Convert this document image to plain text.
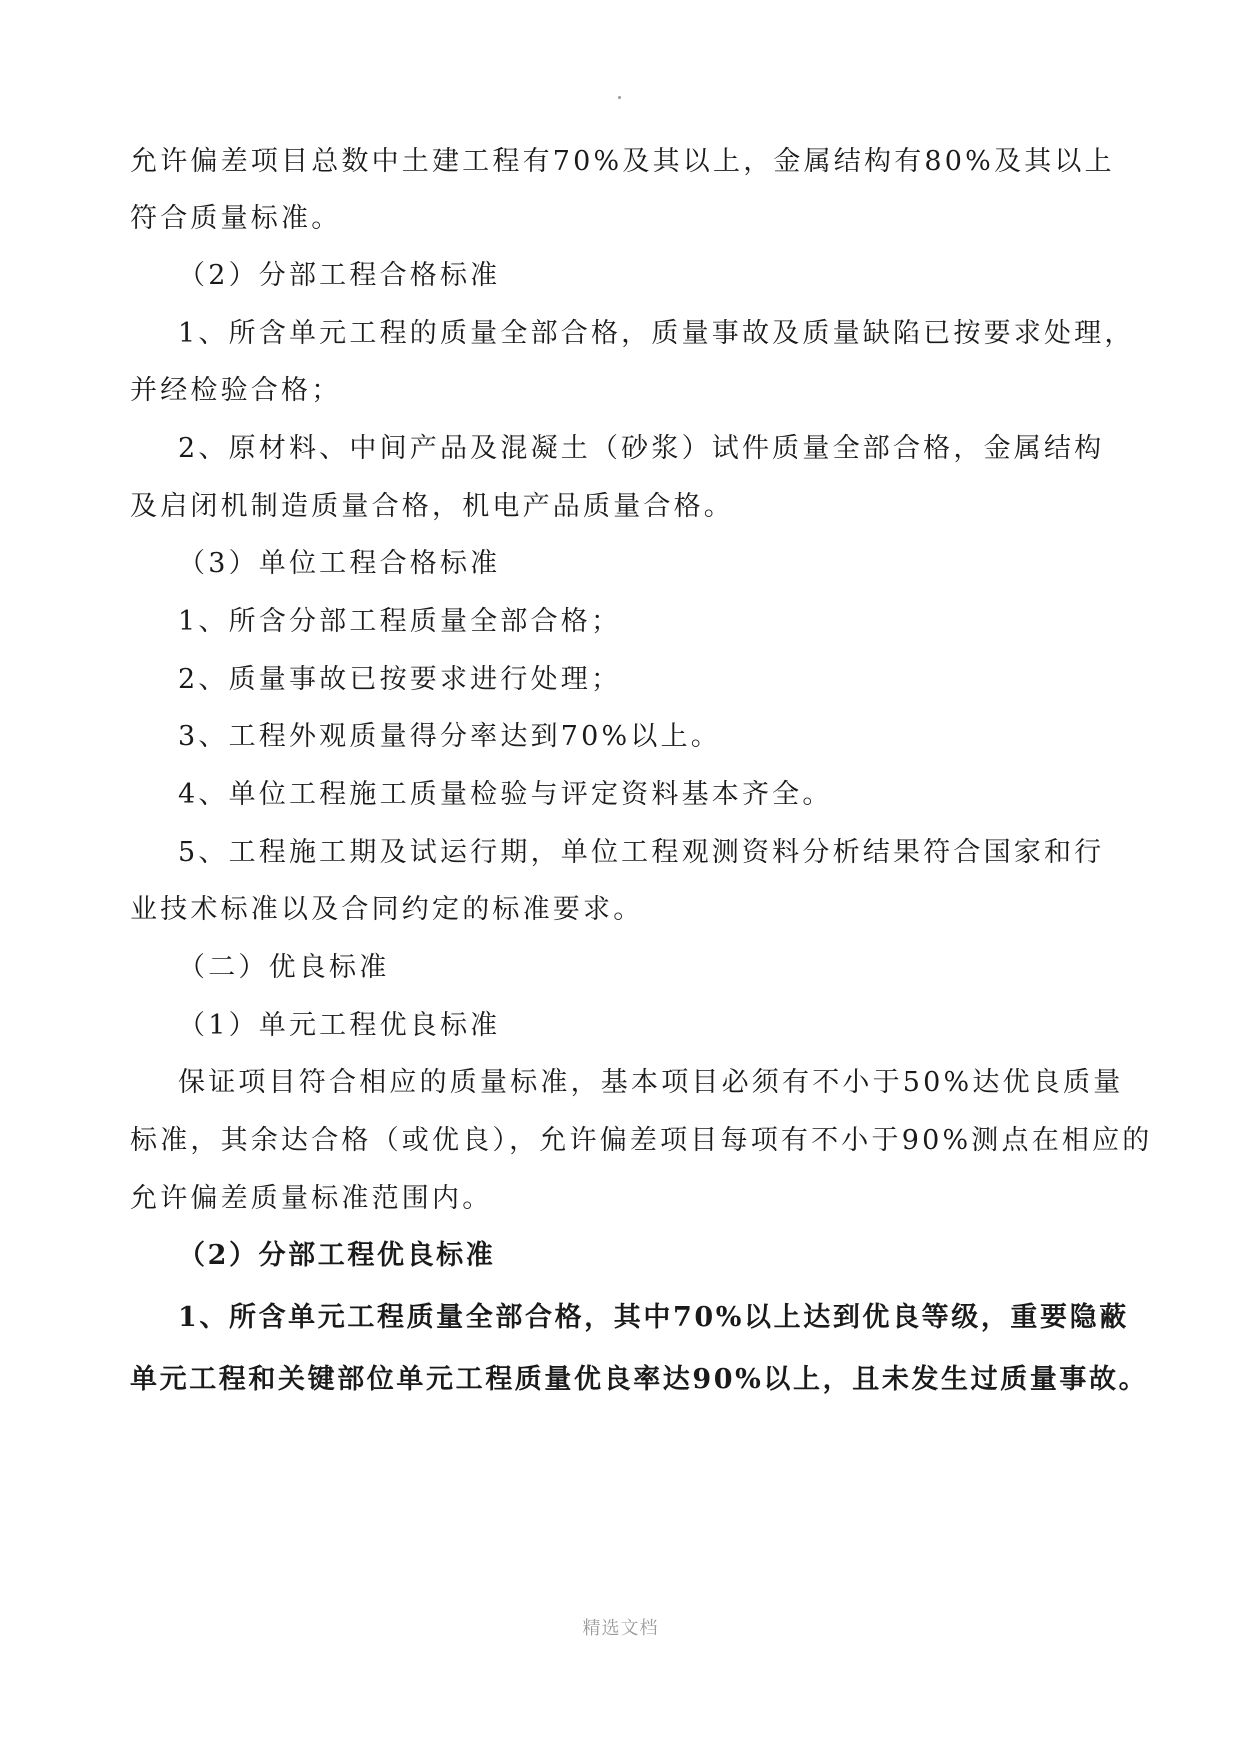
允许偏差项目总数中土建工程有70%及其以上，金属结构有80%及其以上
符合质量标准。
（2）分部工程合格标准
1、所含单元工程的质量全部合格，质量事故及质量缺陷已按要求处理，
并经检验合格；
2、原材料、中间产品及混凝土（砂浆）试件质量全部合格，金属结构
及启闭机制造质量合格，机电产品质量合格。
（3）单位工程合格标准
1、所含分部工程质量全部合格；
2、质量事故已按要求进行处理；
3、工程外观质量得分率达到70%以上。
4、单位工程施工质量检验与评定资料基本齐全。
5、工程施工期及试运行期，单位工程观测资料分析结果符合国家和行
业技术标准以及合同约定的标准要求。
（二）优良标准
（1）单元工程优良标准
保证项目符合相应的质量标准，基本项目必须有不小于50%达优良质量
标准，其余达合格（或优良），允许偏差项目每项有不小于90%测点在相应的
允许偏差质量标准范围内。
（2）分部工程优良标准
1、所含单元工程质量全部合格，其中70%以上达到优良等级，重要隐蔽
单元工程和关键部位单元工程质量优良率达90%以上，且未发生过质量事故。
精选文档
